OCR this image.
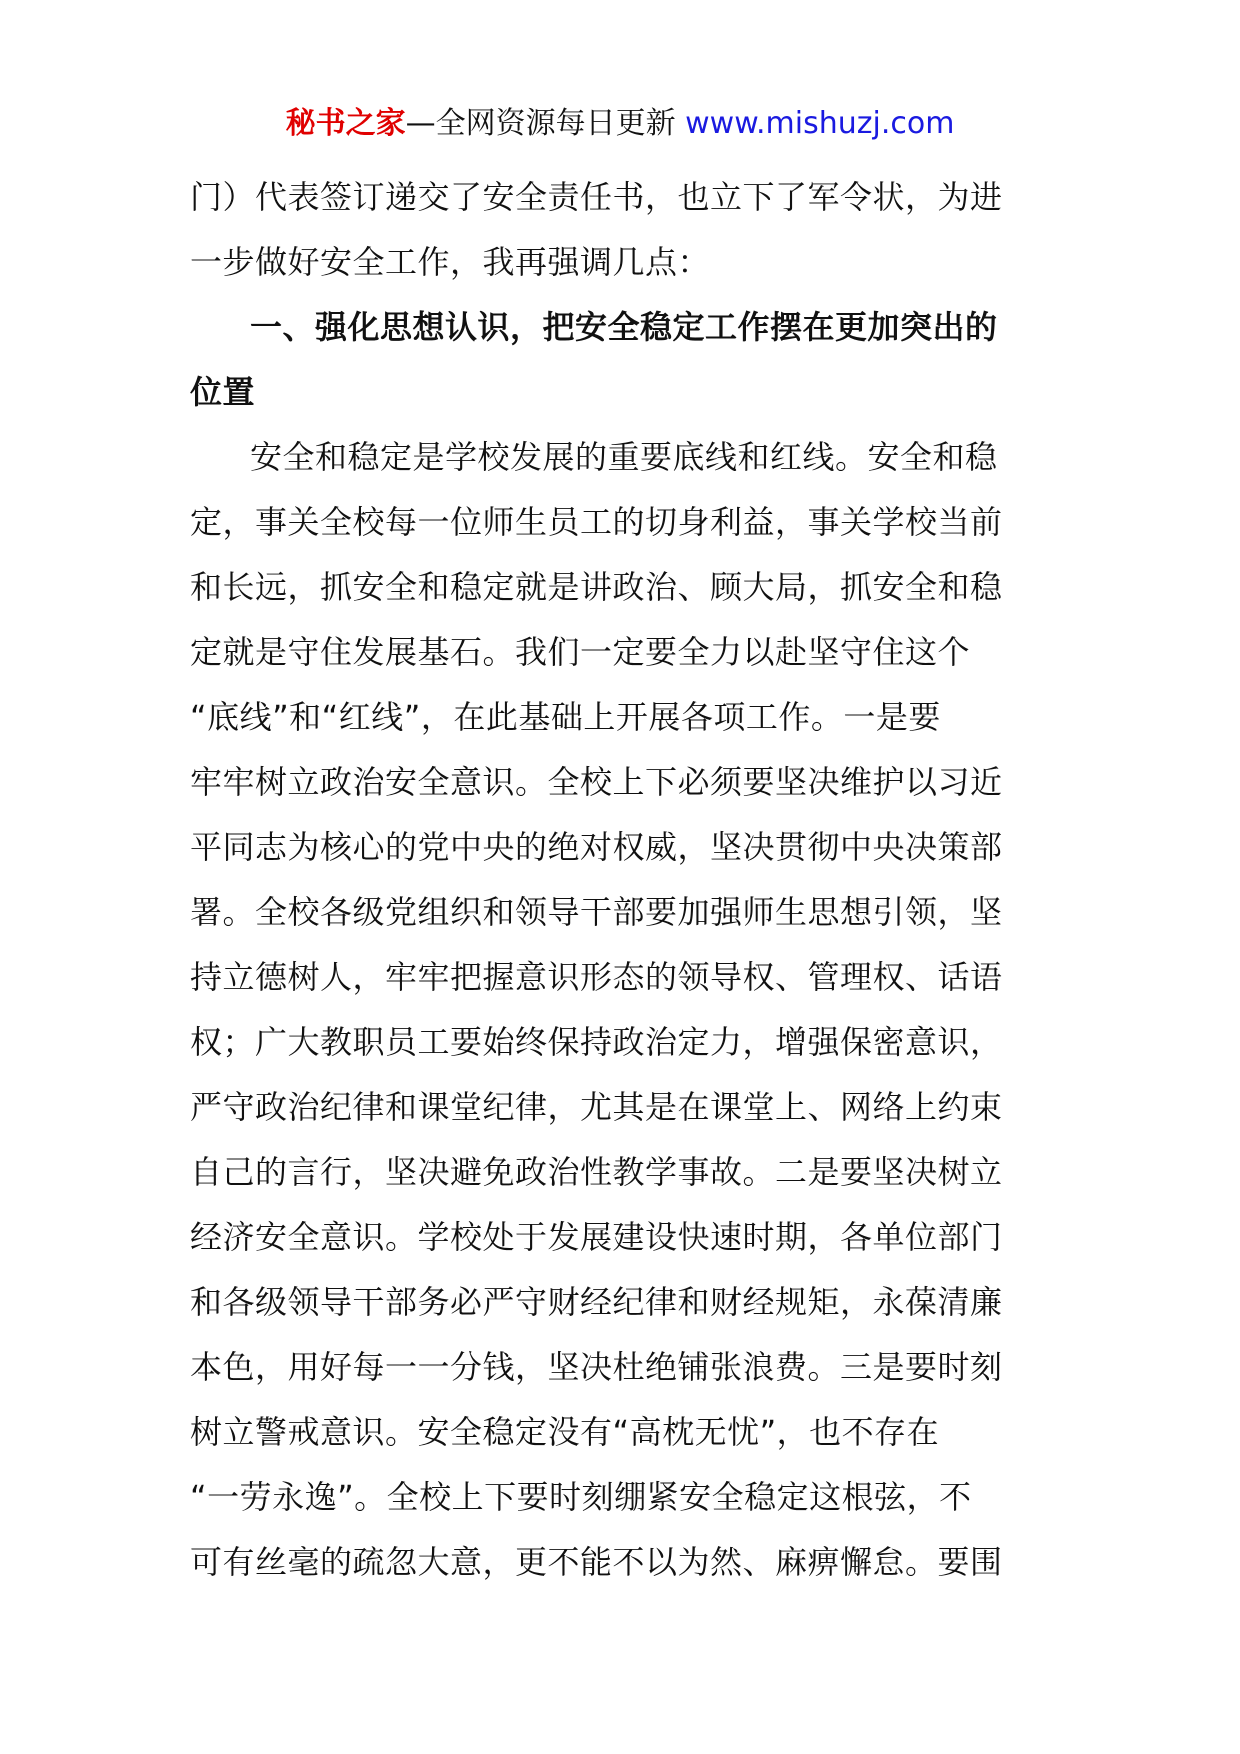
秘书之家—全网资源每日更新 www.mishuzj.com
门）代表签订递交了安全责任书，也立下了军令状，为进
一步做好安全工作，我再强调几点：
一、强化思想认识，把安全稳定工作摆在更加突出的
位置
安全和稳定是学校发展的重要底线和红线。安全和稳
定，事关全校每一位师生员工的切身利益，事关学校当前
和长远，抓安全和稳定就是讲政治、顾大局，抓安全和稳
定就是守住发展基石。我们一定要全力以赴坚守住这个
“底线”和“红线”，在此基础上开展各项工作。一是要
牢牢树立政治安全意识。全校上下必须要坚决维护以习近
平同志为核心的党中央的绝对权威，坚决贯彻中央决策部
署。全校各级党组织和领导干部要加强师生思想引领，坚
持立德树人，牢牢把握意识形态的领导权、管理权、话语
权；广大教职员工要始终保持政治定力，增强保密意识，
严守政治纪律和课堂纪律，尤其是在课堂上、网络上约束
自己的言行，坚决避免政治性教学事故。二是要坚决树立
经济安全意识。学校处于发展建设快速时期，各单位部门
和各级领导干部务必严守财经纪律和财经规矩，永葆清廉
本色，用好每一一分钱，坚决杜绝铺张浪费。三是要时刻
树立警戒意识。安全稳定没有“高枕无忧”，也不存在
“一劳永逸”。全校上下要时刻绷紧安全稳定这根弦，不
可有丝毫的疏忽大意，更不能不以为然、麻痹懈怠。要围
